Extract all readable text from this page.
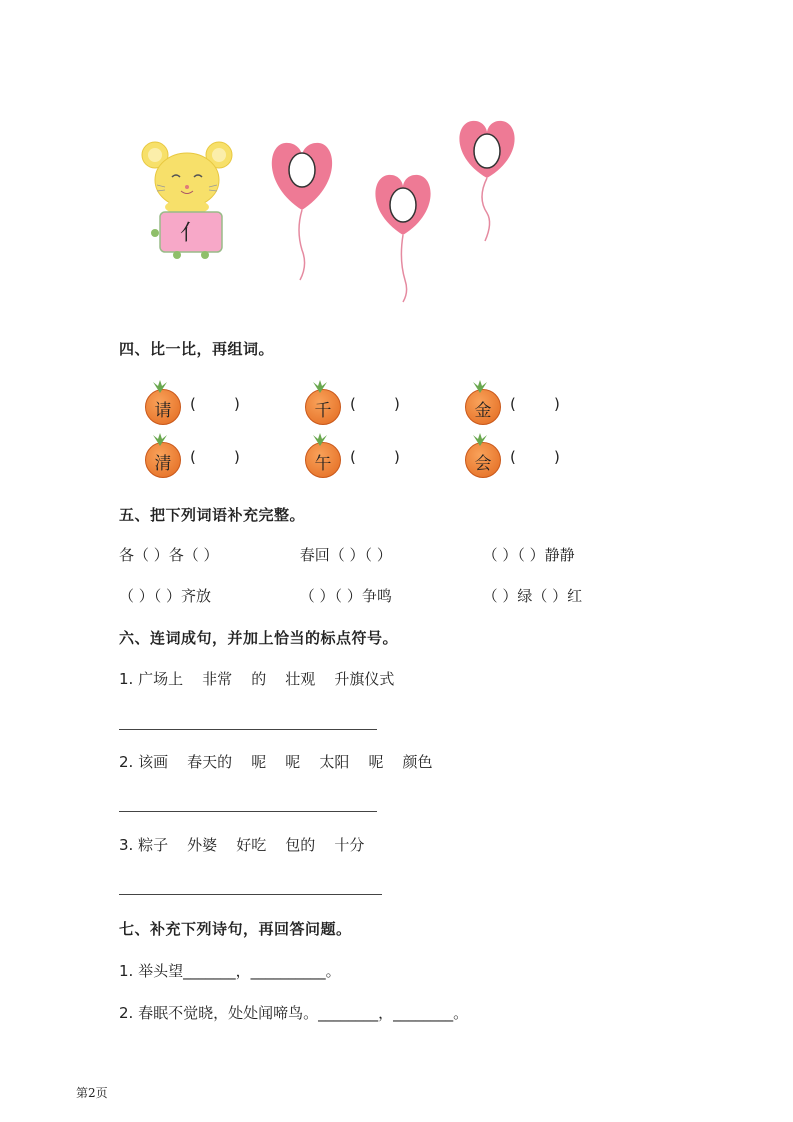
亻
四、比一比，再组词。
请	(        )	千	(        )	金	(        )
清	(        )	午	(        )	会	(        )
五、把下列词语补充完整。
各（ ）各（ ）	春回（ ）（ ）	（ ）（ ）静静
（ ）（ ）齐放	（ ）（ ）争鸣	（ ）绿（ ）红
六、连词成句，并加上恰当的标点符号。
1. 广场上    非常    的    壮观    升旗仪式
2. 该画    春天的    呢    呢    太阳    呢    颜色
3. 粽子    外婆    好吃    包的    十分
七、补充下列诗句，再回答问题。
1. 举头望_______，__________。
2. 春眠不觉晓，处处闻啼鸟。________，________。
第2页
